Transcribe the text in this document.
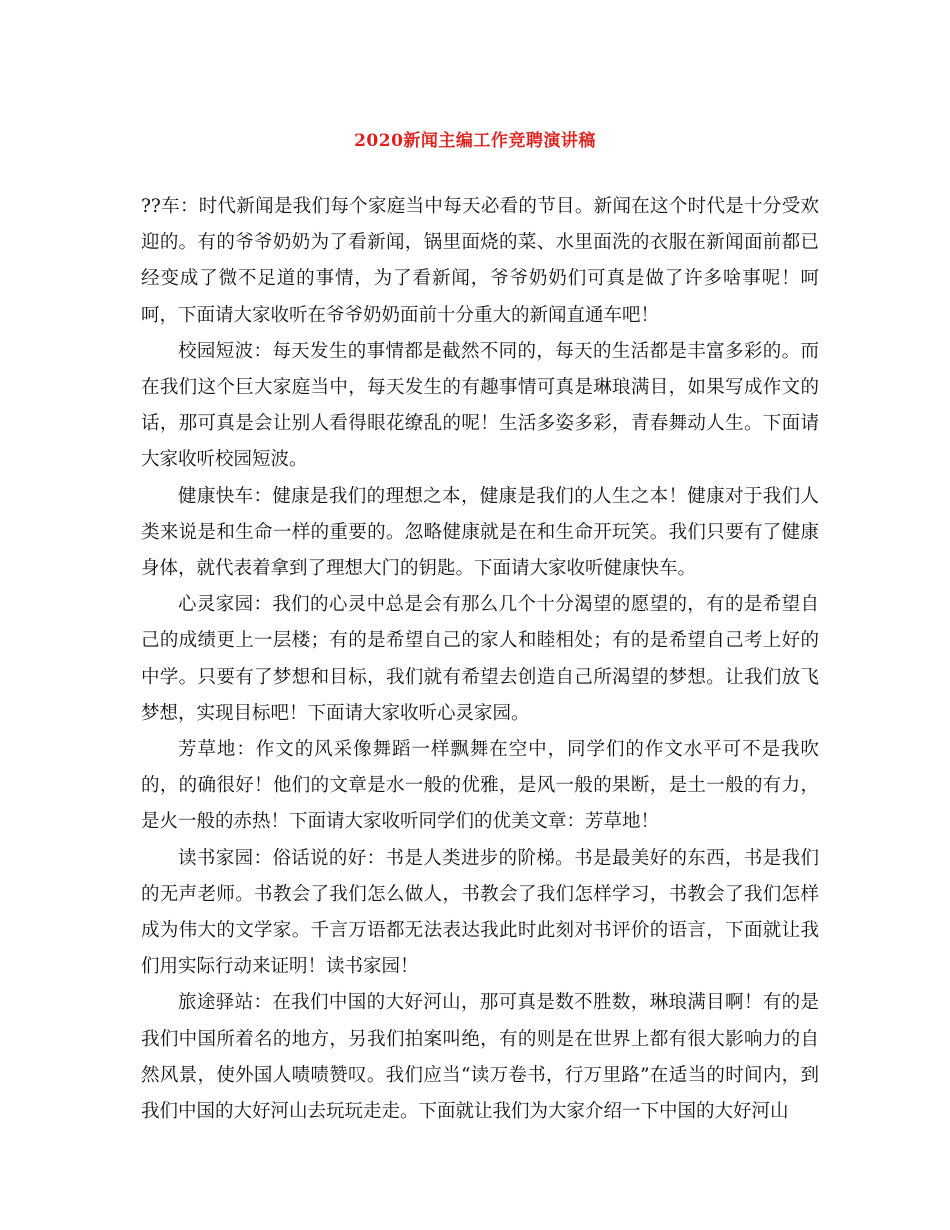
2020新闻主编工作竞聘演讲稿

??车：时代新闻是我们每个家庭当中每天必看的节目。新闻在这个时代是十分受欢迎的。有的爷爷奶奶为了看新闻，锅里面烧的菜、水里面洗的衣服在新闻面前都已经变成了微不足道的事情，为了看新闻，爷爷奶奶们可真是做了许多啥事呢！呵呵，下面请大家收听在爷爷奶奶面前十分重大的新闻直通车吧！

校园短波：每天发生的事情都是截然不同的，每天的生活都是丰富多彩的。而在我们这个巨大家庭当中，每天发生的有趣事情可真是琳琅满目，如果写成作文的话，那可真是会让别人看得眼花缭乱的呢！生活多姿多彩，青春舞动人生。下面请大家收听校园短波。

健康快车：健康是我们的理想之本，健康是我们的人生之本！健康对于我们人类来说是和生命一样的重要的。忽略健康就是在和生命开玩笑。我们只要有了健康身体，就代表着拿到了理想大门的钥匙。下面请大家收听健康快车。

心灵家园：我们的心灵中总是会有那么几个十分渴望的愿望的，有的是希望自己的成绩更上一层楼；有的是希望自己的家人和睦相处；有的是希望自己考上好的中学。只要有了梦想和目标，我们就有希望去创造自己所渴望的梦想。让我们放飞梦想，实现目标吧！下面请大家收听心灵家园。

芳草地：作文的风采像舞蹈一样飘舞在空中，同学们的作文水平可不是我吹的，的确很好！他们的文章是水一般的优雅，是风一般的果断，是土一般的有力，是火一般的赤热！下面请大家收听同学们的优美文章：芳草地！

读书家园：俗话说的好：书是人类进步的阶梯。书是最美好的东西，书是我们的无声老师。书教会了我们怎么做人，书教会了我们怎样学习，书教会了我们怎样成为伟大的文学家。千言万语都无法表达我此时此刻对书评价的语言，下面就让我们用实际行动来证明！读书家园！

旅途驿站：在我们中国的大好河山，那可真是数不胜数，琳琅满目啊！有的是我们中国所着名的地方，另我们拍案叫绝，有的则是在世界上都有很大影响力的自然风景，使外国人啧啧赞叹。我们应当“读万卷书，行万里路”在适当的时间内，到我们中国的大好河山去玩玩走走。下面就让我们为大家介绍一下中国的大好河山
